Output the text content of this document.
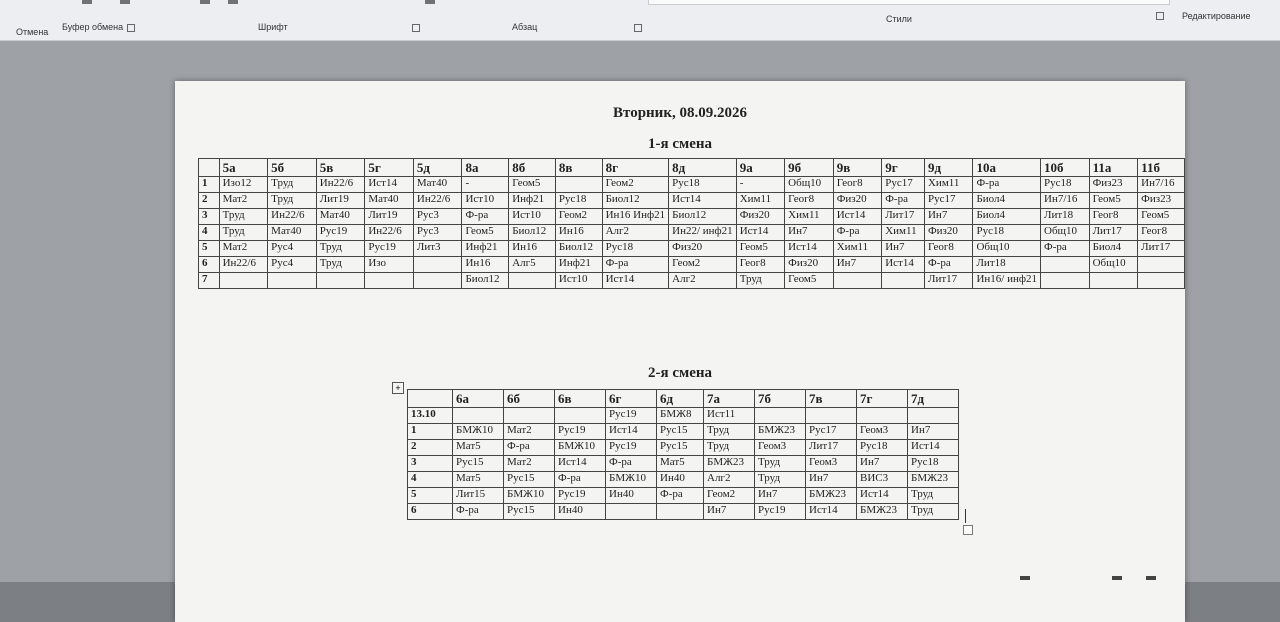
Отмена Буфер обмена	Шрифт	Абзац
Стили	Редактирование
Вторник, 08.09.2026
1-я смена
	5а	5б	5в	5г	5д	8а	8б	8в	8г	8д	9а	9б	9в	9г	9д	10а	10б	11а	11б
1	Изо12	Труд	Ин22/6	Ист14	Мат40	-	Геом5		Геом2	Рус18	-	Общ10	Геог8	Рус17	Хим11	Ф-ра	Рус18	Физ23	Ин7/16
2	Мат2	Труд	Лит19	Мат40	Ин22/6	Ист10	Инф21	Рус18	Биол12	Ист14	Хим11	Геог8	Физ20	Ф-ра	Рус17	Биол4	Ин7/16	Геом5	Физ23
3	Труд	Ин22/6	Мат40	Лит19	Рус3	Ф-ра	Ист10	Геом2	Ин16 Инф21	Биол12	Физ20	Хим11	Ист14	Лит17	Ин7	Биол4	Лит18	Геог8	Геом5
4	Труд	Мат40	Рус19	Ин22/6	Рус3	Геом5	Биол12	Ин16	Алг2	Ин22/ инф21	Ист14	Ин7	Ф-ра	Хим11	Физ20	Рус18	Общ10	Лит17	Геог8
5	Мат2	Рус4	Труд	Рус19	Лит3	Инф21	Ин16	Биол12	Рус18	Физ20	Геом5	Ист14	Хим11	Ин7	Геог8	Общ10	Ф-ра	Биол4	Лит17
6	Ин22/6	Рус4	Труд	Изо		Ин16	Алг5	Инф21	Ф-ра	Геом2	Геог8	Физ20	Ин7	Ист14	Ф-ра	Лит18		Общ10	
7						Биол12		Ист10	Ист14	Алг2	Труд	Геом5			Лит17	Ин16/ инф21			
2-я смена
+
	6а	6б	6в	6г	6д	7а	7б	7в	7г	7д
13.10				Рус19	БМЖ8	Ист11				
1	БМЖ10	Мат2	Рус19	Ист14	Рус15	Труд	БМЖ23	Рус17	Геом3	Ин7
2	Мат5	Ф-ра	БМЖ10	Рус19	Рус15	Труд	Геом3	Лит17	Рус18	Ист14
3	Рус15	Мат2	Ист14	Ф-ра	Мат5	БМЖ23	Труд	Геом3	Ин7	Рус18
4	Мат5	Рус15	Ф-ра	БМЖ10	Ин40	Алг2	Труд	Ин7	ВИС3	БМЖ23
5	Лит15	БМЖ10	Рус19	Ин40	Ф-ра	Геом2	Ин7	БМЖ23	Ист14	Труд
6	Ф-ра	Рус15	Ин40			Ин7	Рус19	Ист14	БМЖ23	Труд
